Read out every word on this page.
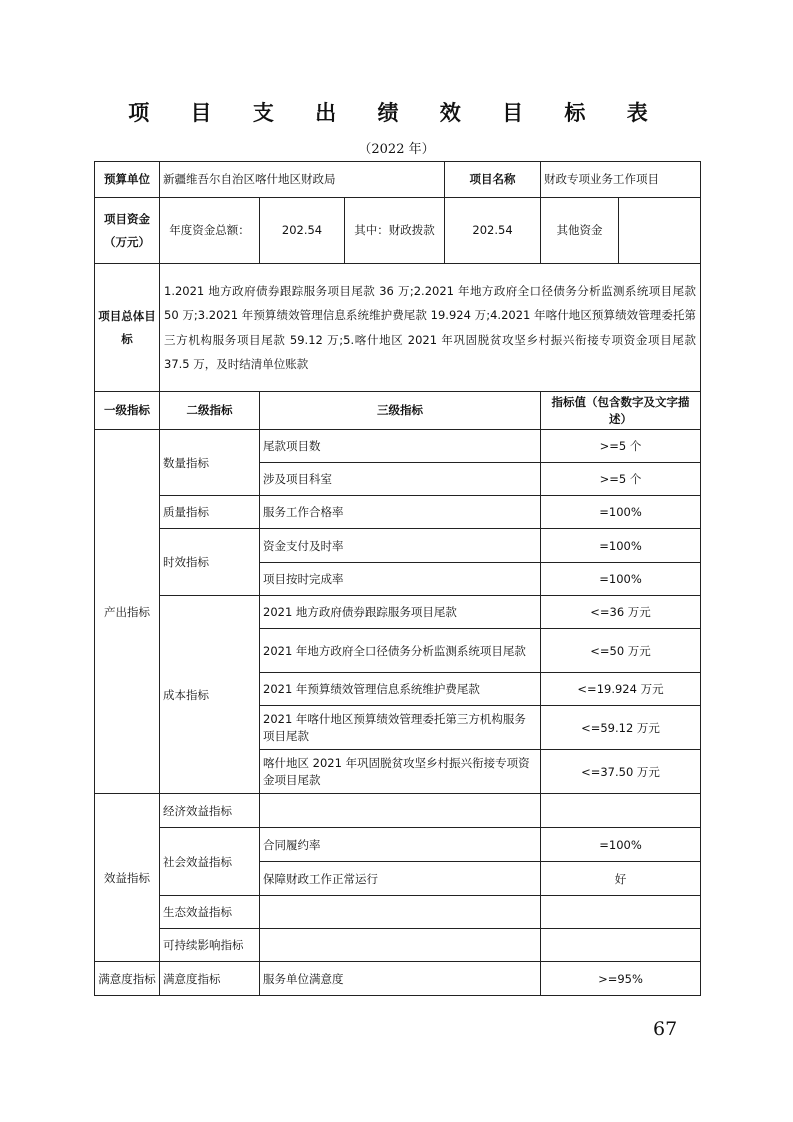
项 目 支 出 绩 效 目 标 表
（2022 年）
预算单位	新疆维吾尔自治区喀什地区财政局			项目名称	财政专项业务工作项目	

项目资金
（万元）	年度资金总额：	202.54	其中：财政拨款	202.54	其他资金	
项目总体目标	1.2021 地方政府债券跟踪服务项目尾款 36 万;2.2021 年地方政府全口径债务分析监测系统项目尾款 50 万;3.2021 年预算绩效管理信息系统维护费尾款 19.924 万;4.2021 年喀什地区预算绩效管理委托第三方机构服务项目尾款 59.12 万;5.喀什地区 2021 年巩固脱贫攻坚乡村振兴衔接专项资金项目尾款 37.5 万，及时结清单位账款					
一级指标	二级指标	三级指标			指标值（包含数字及文字描述）	
产出指标	数量指标	尾款项目数			>=5 个	
		涉及项目科室			>=5 个	
	质量指标	服务工作合格率			=100%	
	时效指标	资金支付及时率			=100%	
		项目按时完成率			=100%	
	成本指标	2021 地方政府债券跟踪服务项目尾款			<=36 万元	
		2021 年地方政府全口径债务分析监测系统项目尾款			<=50 万元	
		2021 年预算绩效管理信息系统维护费尾款			<=19.924 万元	
		2021 年喀什地区预算绩效管理委托第三方机构服务项目尾款			<=59.12 万元	
		喀什地区 2021 年巩固脱贫攻坚乡村振兴衔接专项资金项目尾款			<=37.50 万元	
效益指标	经济效益指标					
	社会效益指标	合同履约率			=100%	
		保障财政工作正常运行			好	
	生态效益指标					
	可持续影响指标					
满意度指标	满意度指标	服务单位满意度			>=95%	
67
